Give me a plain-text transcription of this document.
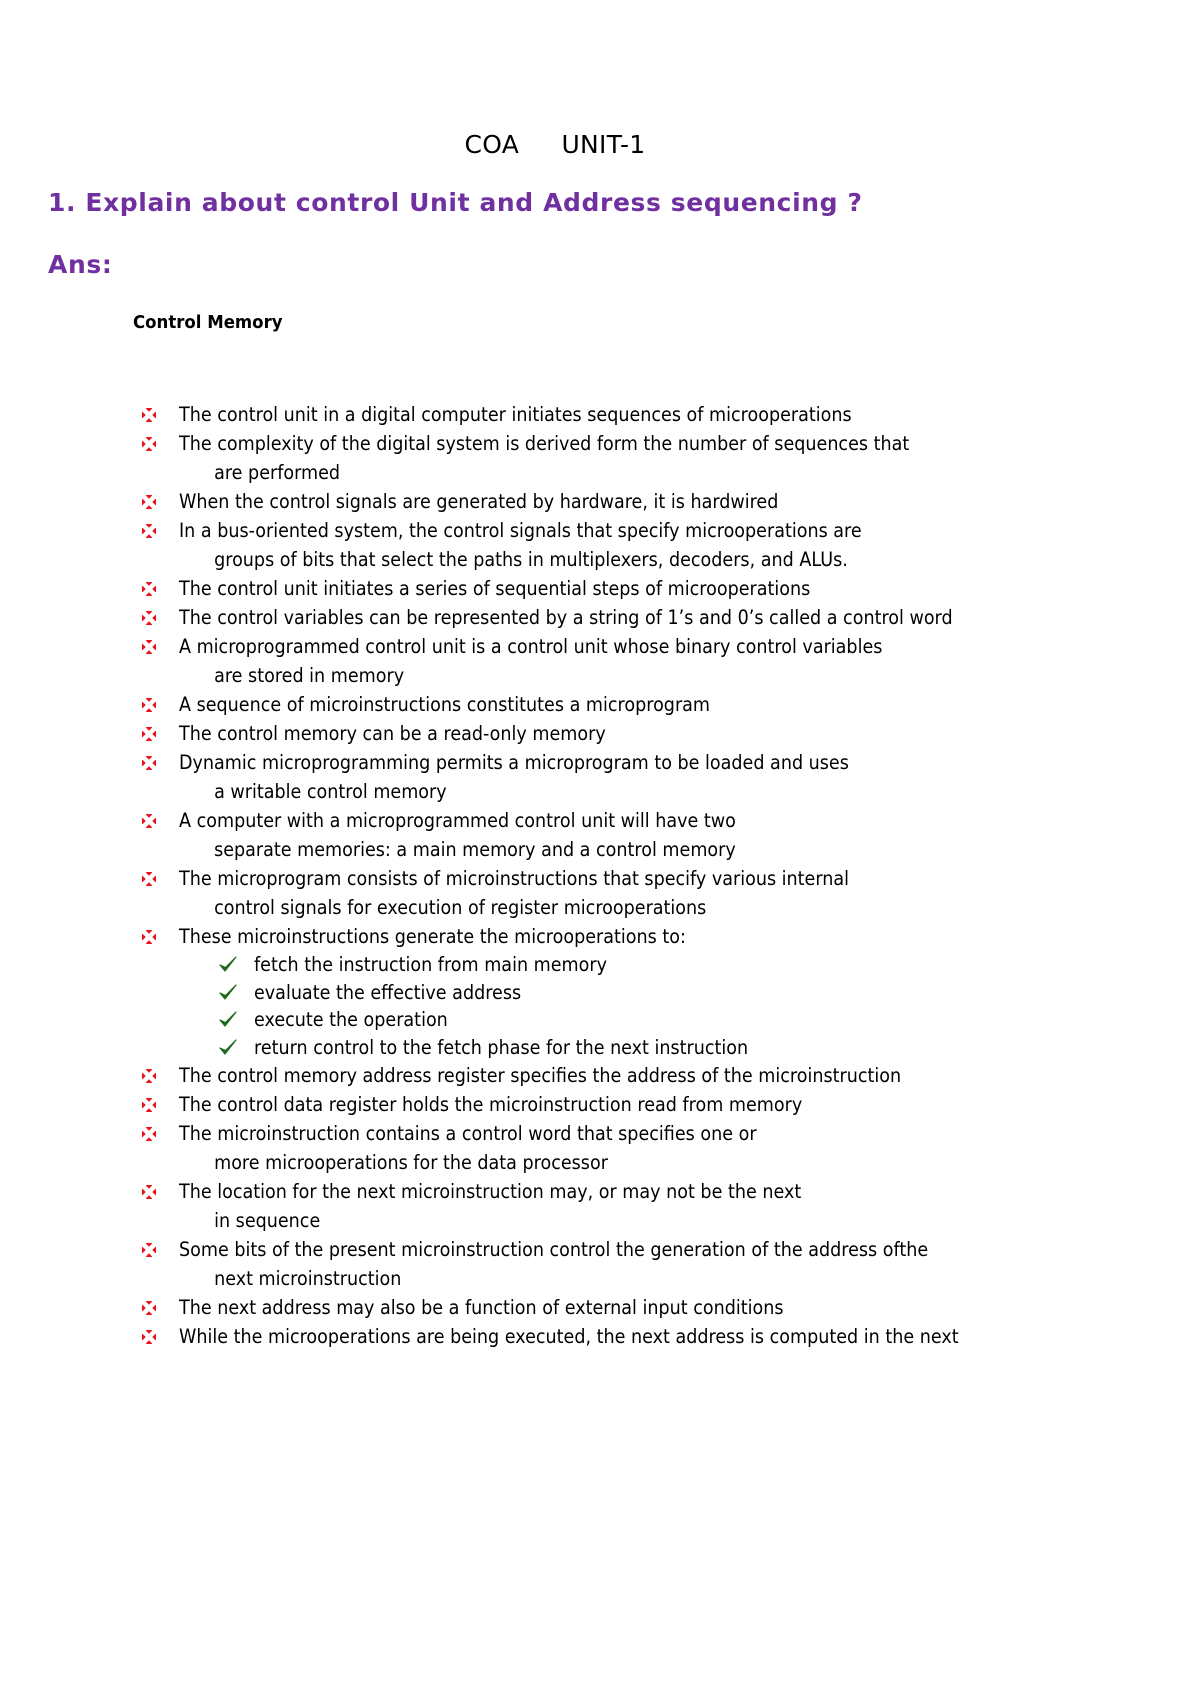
COA UNIT-1
1. Explain about control Unit and Address sequencing ?
Ans:
Control Memory
The control unit in a digital computer initiates sequences of microoperations
The complexity of the digital system is derived form the number of sequences that
are performed
When the control signals are generated by hardware, it is hardwired
In a bus-oriented system, the control signals that specify microoperations are
groups of bits that select the paths in multiplexers, decoders, and ALUs.
The control unit initiates a series of sequential steps of microoperations
The control variables can be represented by a string of 1’s and 0’s called a control word
A microprogrammed control unit is a control unit whose binary control variables
are stored in memory
A sequence of microinstructions constitutes a microprogram
The control memory can be a read-only memory
Dynamic microprogramming permits a microprogram to be loaded and uses
a writable control memory
A computer with a microprogrammed control unit will have two
separate memories: a main memory and a control memory
The microprogram consists of microinstructions that specify various internal
control signals for execution of register microoperations
These microinstructions generate the microoperations to:
fetch the instruction from main memory
evaluate the effective address
execute the operation
return control to the fetch phase for the next instruction
The control memory address register specifies the address of the microinstruction
The control data register holds the microinstruction read from memory
The microinstruction contains a control word that specifies one or
more microoperations for the data processor
The location for the next microinstruction may, or may not be the next
in sequence
Some bits of the present microinstruction control the generation of the address ofthe
next microinstruction
The next address may also be a function of external input conditions
While the microoperations are being executed, the next address is computed in the next
